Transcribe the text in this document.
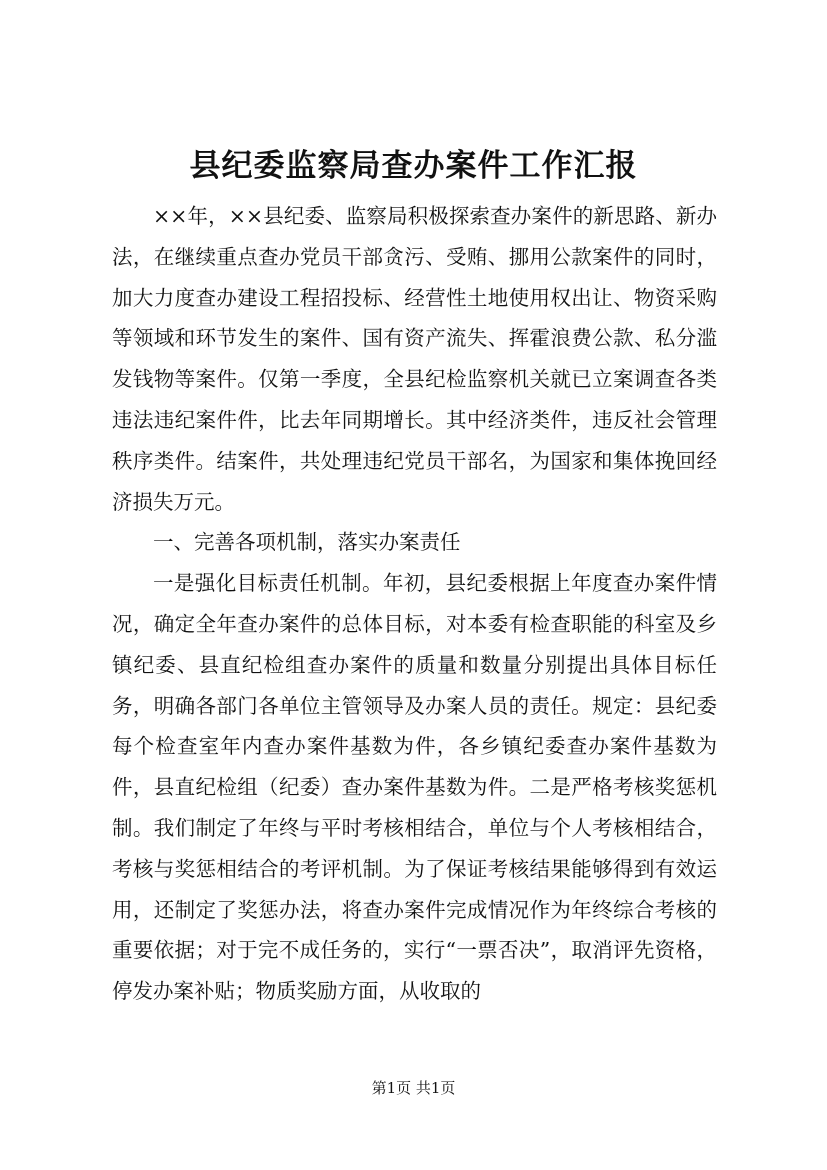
县纪委监察局查办案件工作汇报

××年，××县纪委、监察局积极探索查办案件的新思路、新办法，在继续重点查办党员干部贪污、受贿、挪用公款案件的同时，加大力度查办建设工程招投标、经营性土地使用权出让、物资采购等领域和环节发生的案件、国有资产流失、挥霍浪费公款、私分滥发钱物等案件。仅第一季度，全县纪检监察机关就已立案调查各类违法违纪案件件，比去年同期增长。其中经济类件，违反社会管理秩序类件。结案件，共处理违纪党员干部名，为国家和集体挽回经济损失万元。

一、完善各项机制，落实办案责任

一是强化目标责任机制。年初，县纪委根据上年度查办案件情况，确定全年查办案件的总体目标，对本委有检查职能的科室及乡镇纪委、县直纪检组查办案件的质量和数量分别提出具体目标任务，明确各部门各单位主管领导及办案人员的责任。规定：县纪委每个检查室年内查办案件基数为件，各乡镇纪委查办案件基数为件，县直纪检组（纪委）查办案件基数为件。二是严格考核奖惩机制。我们制定了年终与平时考核相结合，单位与个人考核相结合，考核与奖惩相结合的考评机制。为了保证考核结果能够得到有效运用，还制定了奖惩办法，将查办案件完成情况作为年终综合考核的重要依据；对于完不成任务的，实行“一票否决”，取消评先资格，停发办案补贴；物质奖励方面，从收取的

第1页 共1页
